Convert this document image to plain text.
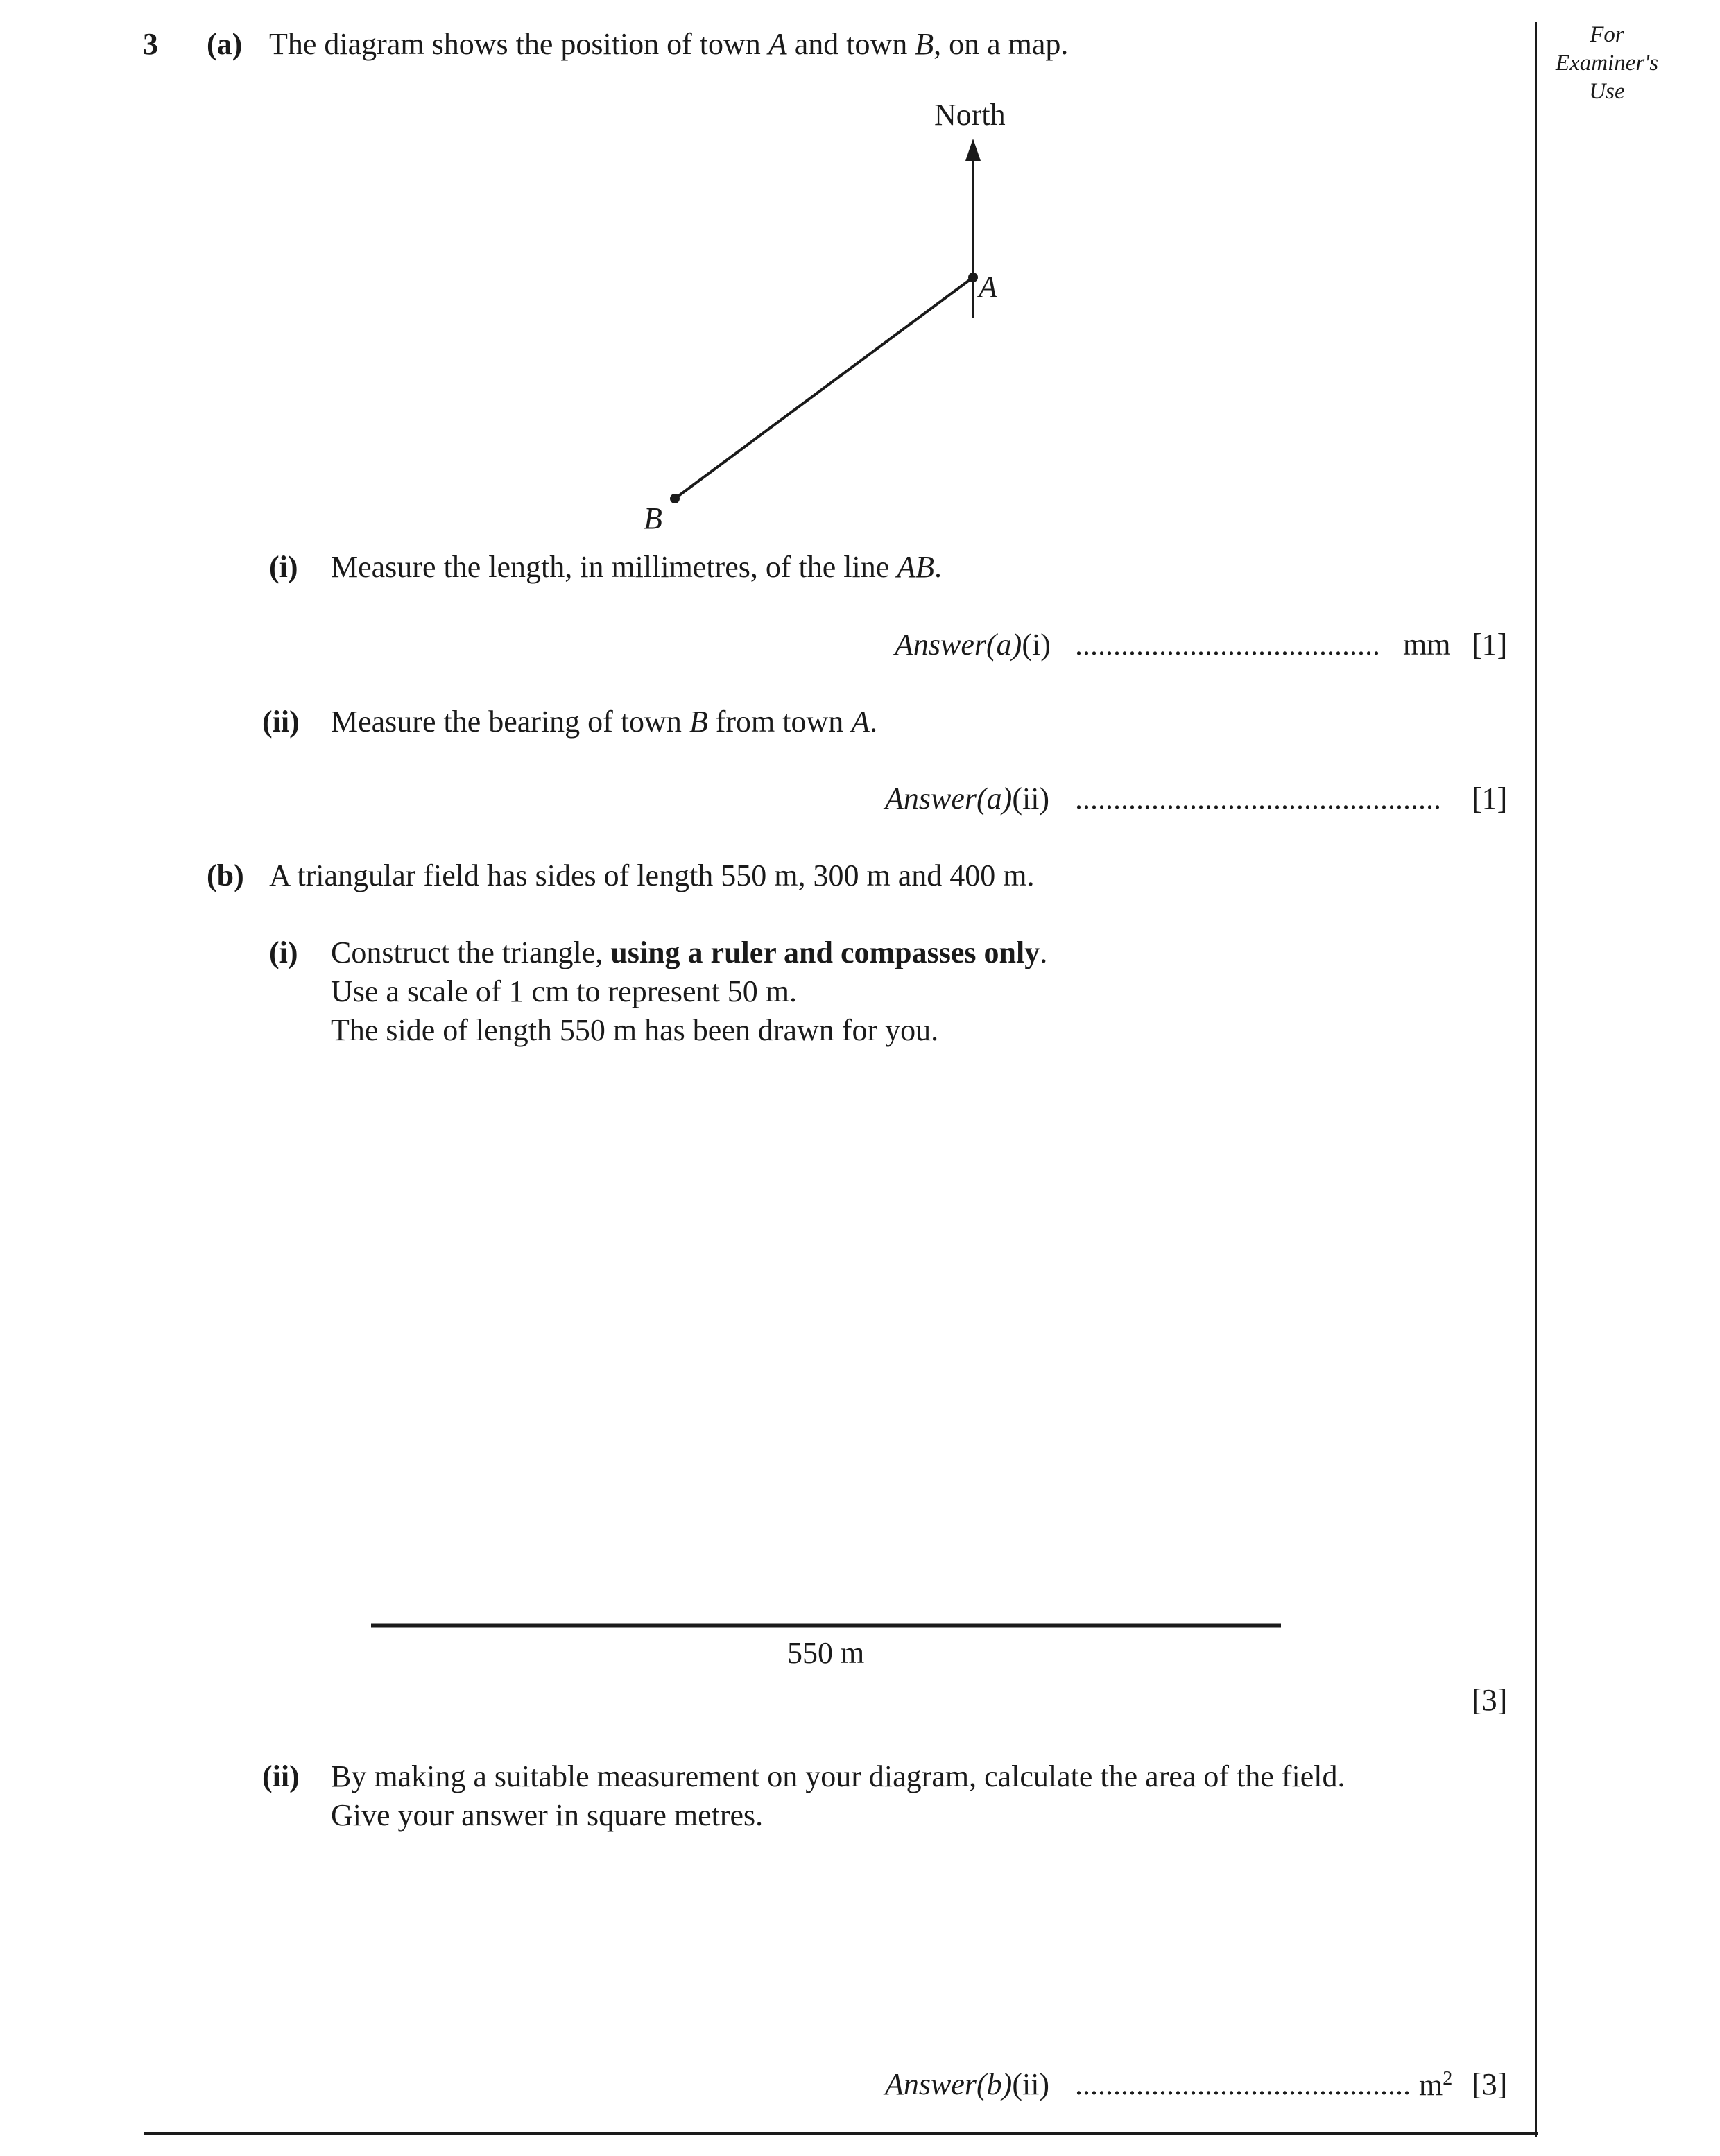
For
Examiner's
Use
3 (a) The diagram shows the position of town A and town B, on a map.
North
A
B
(i) Measure the length, in millimetres, of the line AB.
Answer(a)(i) ........................................ mm [1]
(ii) Measure the bearing of town B from town A.
Answer(a)(ii) ................................................ [1]
(b) A triangular field has sides of length 550 m, 300 m and 400 m.
(i) Construct the triangle, using a ruler and compasses only.
Use a scale of 1 cm to represent 50 m.
The side of length 550 m has been drawn for you.
550 m
[3]
(ii) By making a suitable measurement on your diagram, calculate the area of the field.
Give your answer in square metres.
Answer(b)(ii) ............................................ $m^2$ [3]
